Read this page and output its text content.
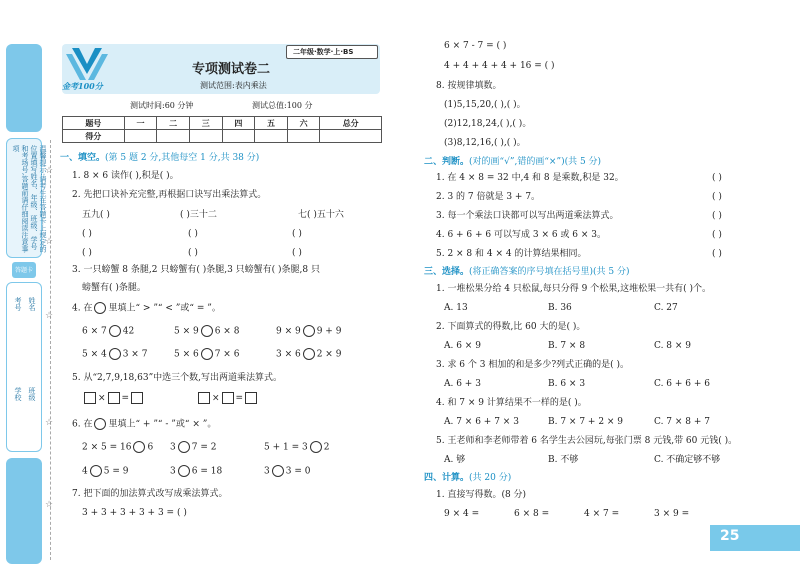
温馨提示:请考生在答题卡上规定的位置填写姓名、年级、班级、学号和考场号,答题前请仔细阅读注意事项
答题卡
考号 姓名
学校 班级
☆
☆
☆
☆
☆
金考100分
二年级·数学·上·BS
专项测试卷二
测试范围:表内乘法
测试时间:60 分钟	测试总值:100 分
题号	一	二	三	四	五	六	总分
得分							
一、填空。(第 5 题 2 分,其他每空 1 分,共 38 分)
1. 8 × 6 读作( ),积是( )。
2. 先把口诀补充完整,再根据口诀写出乘法算式。
五九( )	( )三十二	七( )五十六
( )	( )	( )
( )	( )	( )
3. 一只螃蟹 8 条腿,2 只螃蟹有( )条腿,3 只螃蟹有( )条腿,8 只
螃蟹有( )条腿。
4. 在 里填上“ > ”“ < ”或“ = ”。
6 × 7 42	5 × 9 6 × 8	9 × 9 9 + 9
5 × 4 3 × 7	5 × 6 7 × 6	3 × 6 2 × 9
5. 从“2,7,9,18,63”中选三个数,写出两道乘法算式。
× =	× =
6. 在 里填上“ + ”“ - ”或“ × ”。
2 × 5 = 16 6 3 7 = 2	5 + 1 = 3 2
4 5 = 9	3 6 = 18	3 3 = 0
7. 把下面的加法算式改写成乘法算式。
3 + 3 + 3 + 3 + 3 = ( )
6 × 7 - 7 = ( )
4 + 4 + 4 + 4 + 16 = ( )
8. 按规律填数。
(1)5,15,20,( ),( )。
(2)12,18,24,( ),( )。
(3)8,12,16,( ),( )。
二、判断。(对的画“√”,错的画“×”)(共 5 分)
1. 在 4 × 8 = 32 中,4 和 8 是乘数,积是 32。	( )
2. 3 的 7 倍就是 3 + 7。	( )
3. 每一个乘法口诀都可以写出两道乘法算式。	( )
4. 6 + 6 + 6 可以写成 3 × 6 或 6 × 3。	( )
5. 2 × 8 和 4 × 4 的计算结果相同。	( )
三、选择。(将正确答案的序号填在括号里)(共 5 分)
1. 一堆松果分给 4 只松鼠,每只分得 9 个松果,这堆松果一共有( )个。
A. 13	B. 36	C. 27
2. 下面算式的得数,比 60 大的是( )。
A. 6 × 9	B. 7 × 8	C. 8 × 9
3. 求 6 个 3 相加的和是多少?列式正确的是( )。
A. 6 + 3	B. 6 × 3	C. 6 + 6 + 6
4. 和 7 × 9 计算结果不一样的是( )。
A. 7 × 6 + 7 × 3	B. 7 × 7 + 2 × 9	C. 7 × 8 + 7
5. 王老师和李老师带着 6 名学生去公园玩,每张门票 8 元钱,带 60 元钱( )。
A. 够	B. 不够	C. 不确定够不够
四、计算。(共 20 分)
1. 直接写得数。(8 分)
9 × 4 =	6 × 8 =	4 × 7 =	3 × 9 =
25
